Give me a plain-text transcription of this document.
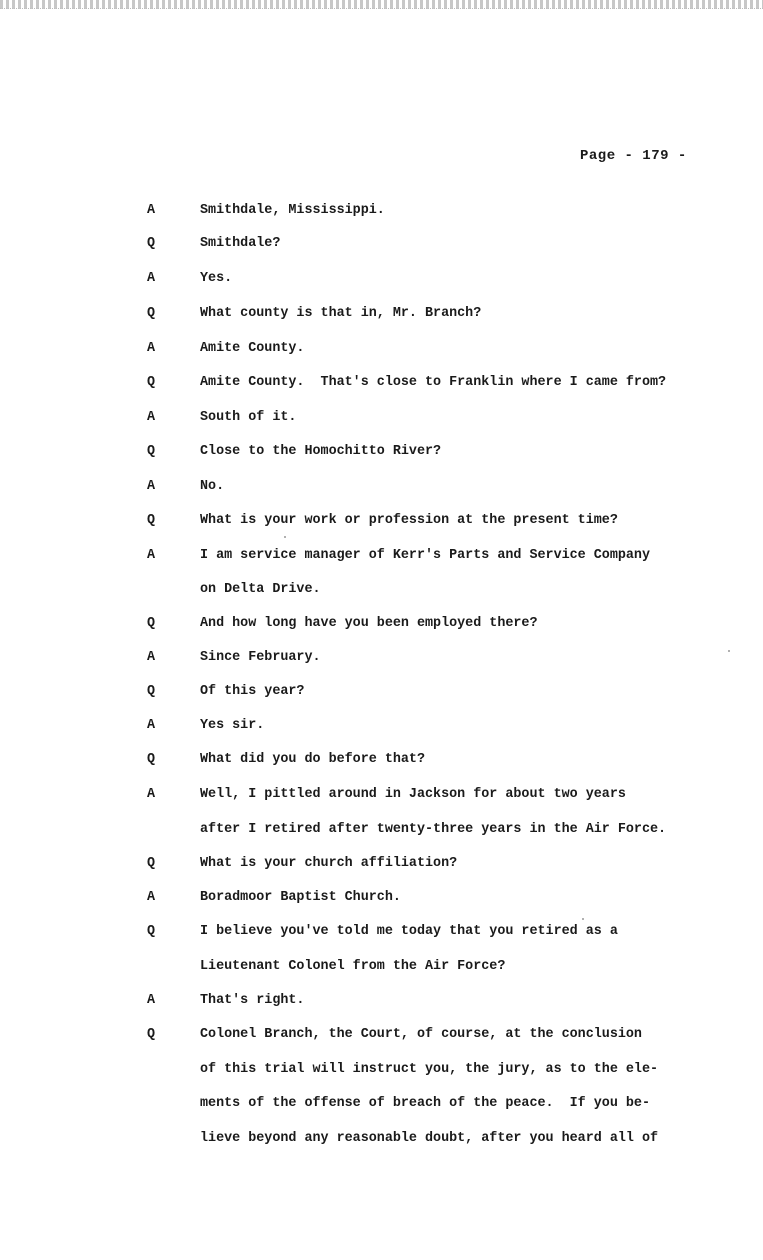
Page - 179 -
A	Smithdale, Mississippi.
Q	Smithdale?
A	Yes.
Q	What county is that in, Mr. Branch?
A	Amite County.
Q	Amite County.  That's close to Franklin where I came from?
A	South of it.
Q	Close to the Homochitto River?
A	No.
Q	What is your work or profession at the present time?
A	I am service manager of Kerr's Parts and Service Company
on Delta Drive.
Q	And how long have you been employed there?
A	Since February.
Q	Of this year?
A	Yes sir.
Q	What did you do before that?
A	Well, I pittled around in Jackson for about two years
after I retired after twenty-three years in the Air Force.
Q	What is your church affiliation?
A	Boradmoor Baptist Church.
Q	I believe you've told me today that you retired as a
Lieutenant Colonel from the Air Force?
A	That's right.
Q	Colonel Branch, the Court, of course, at the conclusion
of this trial will instruct you, the jury, as to the ele-
ments of the offense of breach of the peace.  If you be-
lieve beyond any reasonable doubt, after you heard all of
